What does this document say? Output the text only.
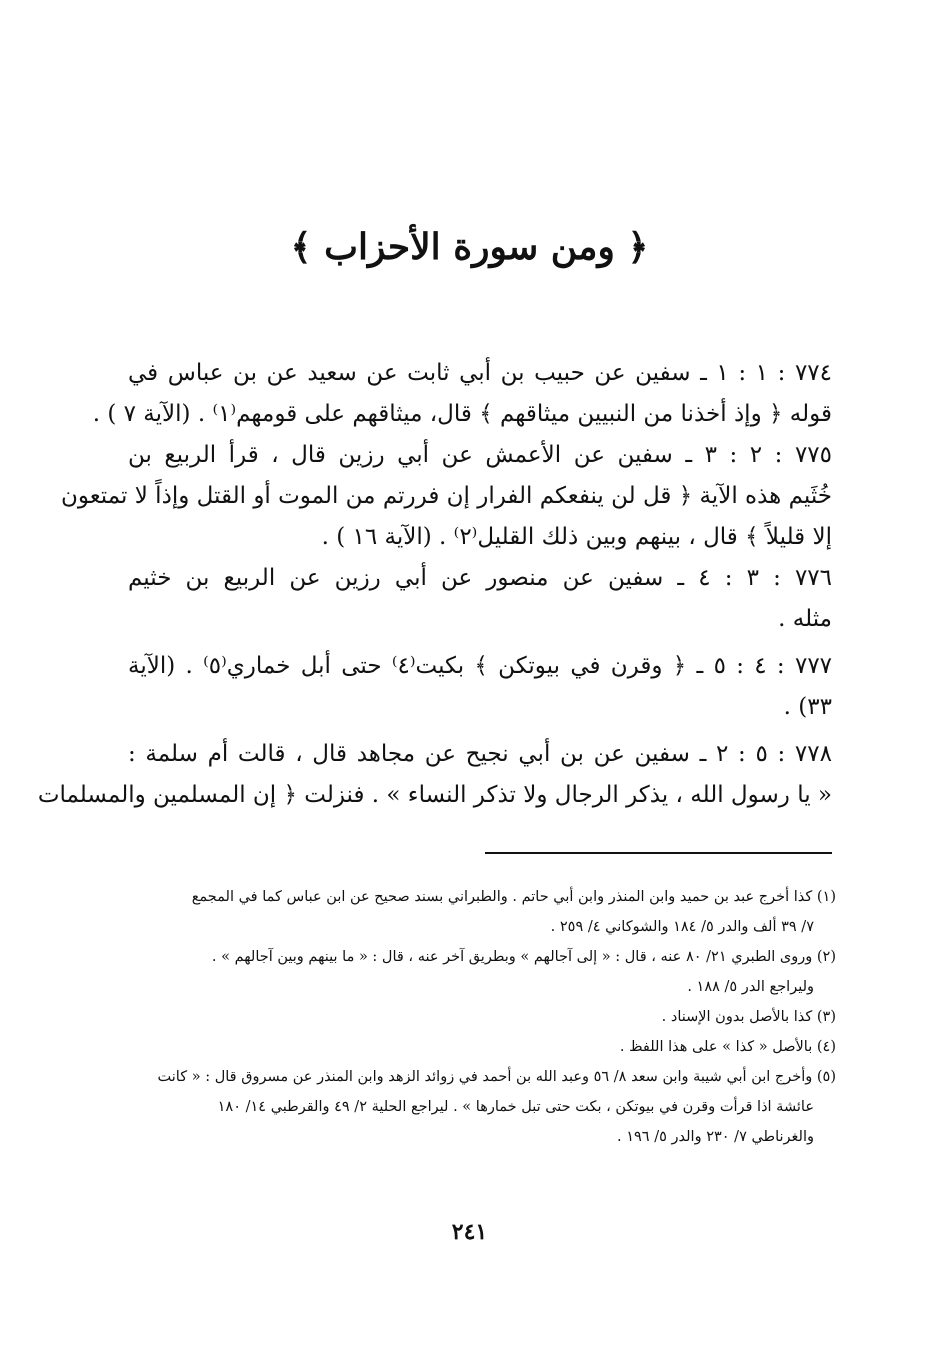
﴿ ومن سورة الأحزاب ﴾
٧٧٤ : ١ : ١ ـ سفين عن حبيب بن أبي ثابت عن سعيد عن بن عباس في
قوله ﴿ وإذ أخذنا من النبيين ميثاقهم ﴾ قال، ميثاقهم على قومهم⁽١⁾ . (الآية ٧ ) .
٧٧٥ : ٢ : ٣ ـ سفين عن الأعمش عن أبي رزين قال ، قرأ الربيع بن
خُثَيم هذه الآية ﴿ قل لن ينفعكم الفرار إن فررتم من الموت أو القتل وإذاً لا تمتعون
إلا قليلاً ﴾ قال ، بينهم وبين ذلك القليل⁽٢⁾ . (الآية ١٦ ) .
٧٧٦ : ٣ : ٤ ـ سفين عن منصور عن أبي رزين عن الربيع بن خثيم
مثله .
٧٧٧ : ٤ : ٥ ـ ﴿ وقرن في بيوتكن ﴾ بكيت⁽٤⁾ حتى أبل خماري⁽٥⁾ . (الآية
٣٣) .
٧٧٨ : ٥ : ٢ ـ سفين عن بن أبي نجيح عن مجاهد قال ، قالت أم سلمة :
« يا رسول الله ، يذكر الرجال ولا تذكر النساء » . فنزلت ﴿ إن المسلمين والمسلمات
(١) كذا أخرج عبد بن حميد وابن المنذر وابن أبي حاتم . والطبراني بسند صحيح عن ابن عباس كما في المجمع
٧/ ٣٩ ألف والدر ٥/ ١٨٤ والشوكاني ٤/ ٢٥٩ .
(٢) وروى الطبري ٢١/ ٨٠ عنه ، قال : « إلى آجالهم » وبطريق آخر عنه ، قال : « ما بينهم وبين آجالهم » .
وليراجع الدر ٥/ ١٨٨ .
(٣) كذا بالأصل بدون الإسناد .
(٤) بالأصل « كذا » على هذا اللفظ .
(٥) وأخرج ابن أبي شيبة وابن سعد ٨/ ٥٦ وعبد الله بن أحمد في زوائد الزهد وابن المنذر عن مسروق قال : « كانت
عائشة اذا قرأت وقرن في بيوتكن ، بكت حتى تبل خمارها » . ليراجع الحلية ٢/ ٤٩ والقرطبي ١٤/ ١٨٠
والغرناطي ٧/ ٢٣٠ والدر ٥/ ١٩٦ .
٢٤١
